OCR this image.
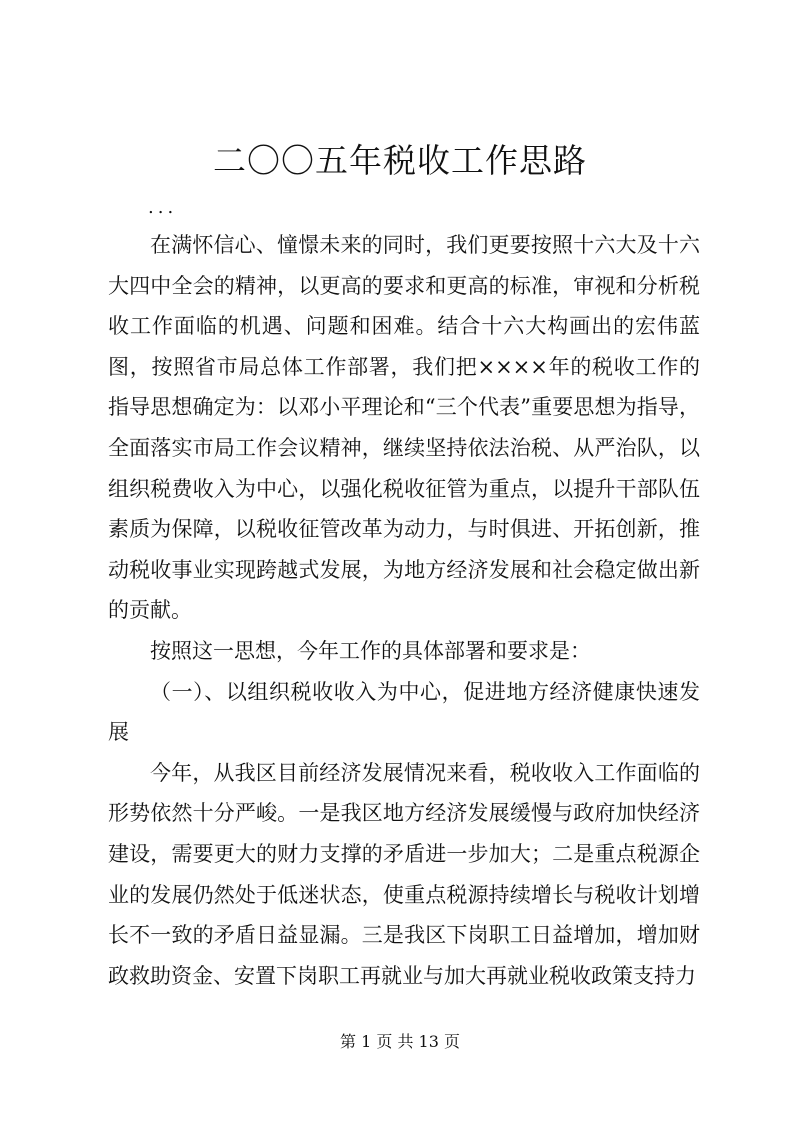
二〇〇五年税收工作思路
...

在满怀信心、憧憬未来的同时，我们更要按照十六大及十六大四中全会的精神，以更高的要求和更高的标准，审视和分析税收工作面临的机遇、问题和困难。结合十六大构画出的宏伟蓝图，按照省市局总体工作部署，我们把××××年的税收工作的指导思想确定为：以邓小平理论和“三个代表”重要思想为指导，全面落实市局工作会议精神，继续坚持依法治税、从严治队，以组织税费收入为中心，以强化税收征管为重点，以提升干部队伍素质为保障，以税收征管改革为动力，与时俱进、开拓创新，推动税收事业实现跨越式发展，为地方经济发展和社会稳定做出新的贡献。

按照这一思想，今年工作的具体部署和要求是：

（一）、以组织税收收入为中心，促进地方经济健康快速发展

今年，从我区目前经济发展情况来看，税收收入工作面临的形势依然十分严峻。一是我区地方经济发展缓慢与政府加快经济建设，需要更大的财力支撑的矛盾进一步加大；二是重点税源企业的发展仍然处于低迷状态，使重点税源持续增长与税收计划增长不一致的矛盾日益显漏。三是我区下岗职工日益增加，增加财政救助资金、安置下岗职工再就业与加大再就业税收政策支持力

第 1 页 共 13 页
